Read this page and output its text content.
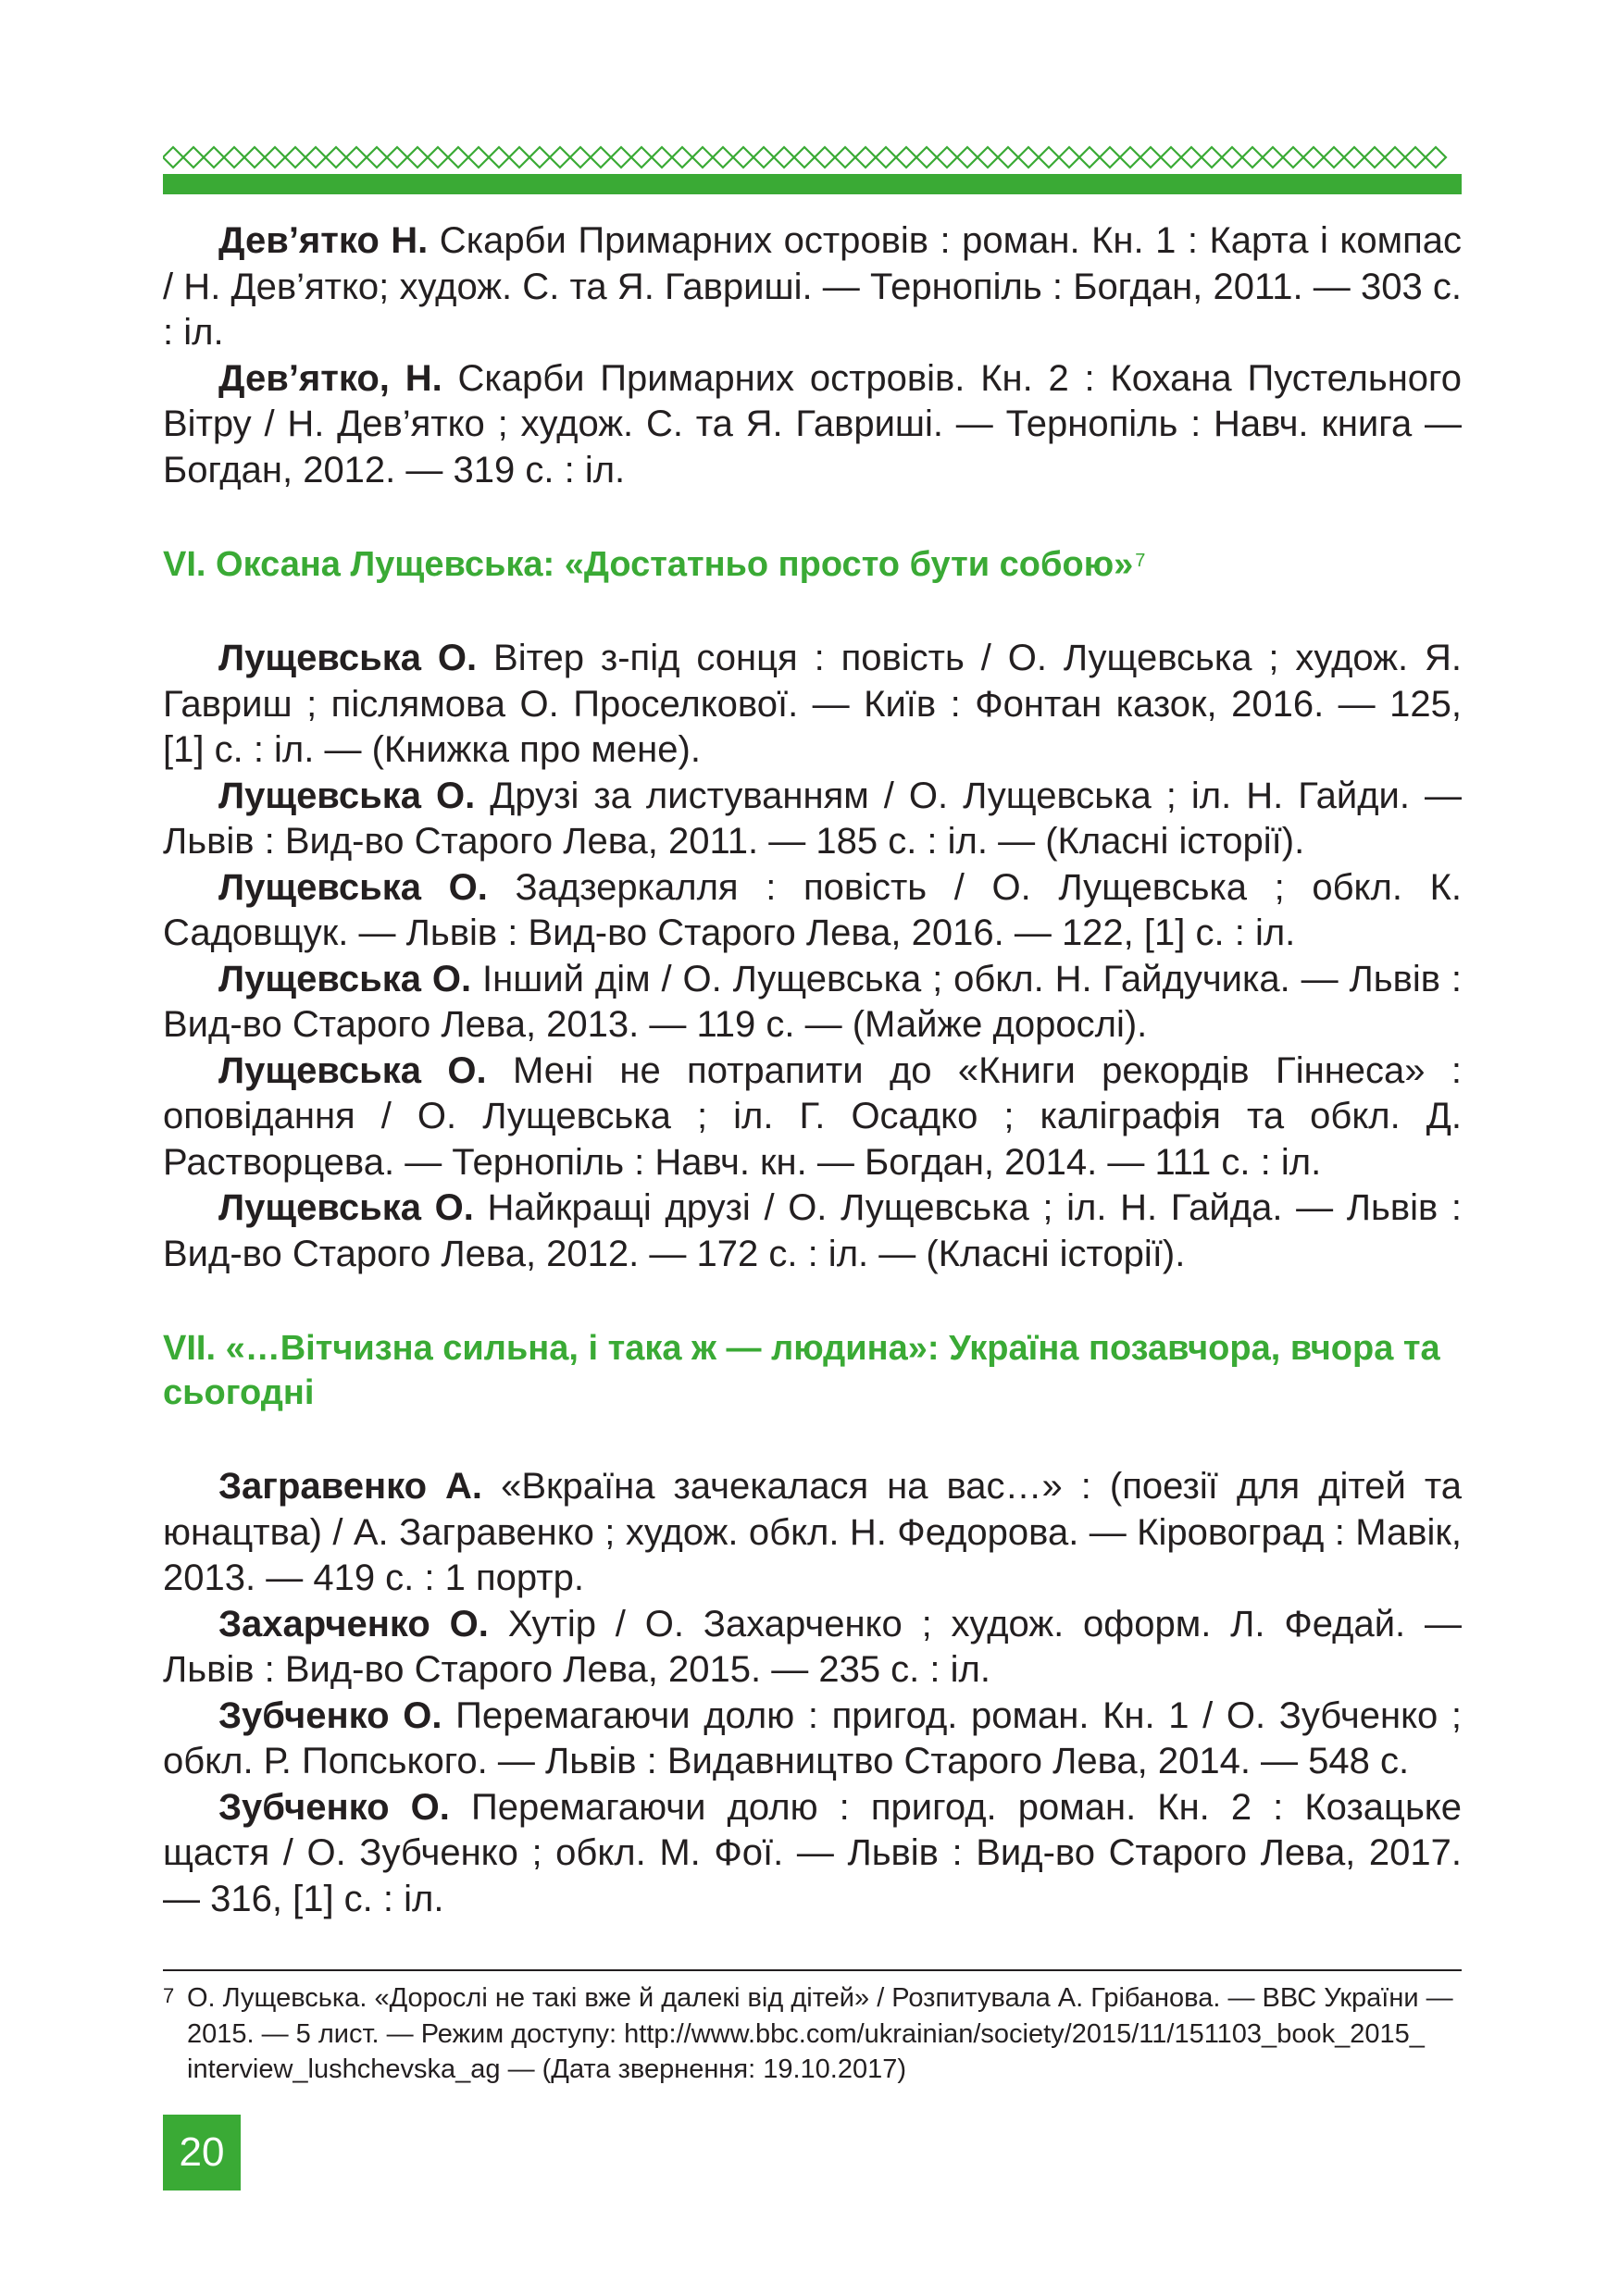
Дев’ятко Н. Скарби Примарних островів : роман. Кн. 1 : Карта і компас / Н. Дев’ятко; худож. С. та Я. Гавриші. — Тернопіль : Богдан, 2011. — 303 с. : іл.

Дев’ятко, Н. Скарби Примарних островів. Кн. 2 : Кохана Пустельного Вітру / Н. Дев’ятко ; худож. С. та Я. Гавриші. — Тернопіль : Навч. книга — Богдан, 2012. — 319 с. : іл.

VI. Оксана Лущевська: «Достатньо просто бути собою» $^7$

Лущевська О. Вітер з-під сонця : повість / О. Лущевська ; худож. Я. Гавриш ; післямова О. Проселкової. — Київ : Фонтан казок, 2016. — 125, [1] с. : іл. — (Книжка про мене).

Лущевська О. Друзі за листуванням / О. Лущевська ; іл. Н. Гайди. —Львів : Вид-во Старого Лева, 2011. — 185 с. : іл. — (Класні історії).

Лущевська О. Задзеркалля : повість / О. Лущевська ; обкл. К. Садовщук. — Львів : Вид-во Старого Лева, 2016. — 122, [1] с. : іл.

Лущевська О. Інший дім / О. Лущевська ; обкл. Н. Гайдучика. — Львів : Вид-во Старого Лева, 2013. — 119 с. — (Майже дорослі).

Лущевська О. Мені не потрапити до «Книги рекордів Гіннеса» : оповідання / О. Лущевська ; іл. Г. Осадко ; каліграфія та обкл. Д. Растворцева. — Тернопіль : Навч. кн. — Богдан, 2014. — 111 с. : іл.

Лущевська О. Найкращі друзі / О. Лущевська ; іл. Н. Гайда. — Львів : Вид-во Старого Лева, 2012. — 172 с. : іл. — (Класні історії).

VII. «…Вітчизна сильна, і така ж — людина»: Україна позавчора, вчора та сьогодні

Загравенко А. «Вкраїна зачекалася на вас…» : (поезії для дітей та юнацтва) / А. Загравенко ; худож. обкл. Н. Федорова. — Кіровоград : Мавік, 2013. — 419 с. : 1 портр.

Захарченко О. Хутір / О. Захарченко ; худож. оформ. Л. Федай. — Львів : Вид-во Старого Лева, 2015. — 235 с. : іл.

Зубченко О. Перемагаючи долю : пригод. роман. Кн. 1 / О. Зубченко ; обкл. Р. Попського. — Львів : Видавництво Старого Лева, 2014. — 548 с.

Зубченко О. Перемагаючи долю : пригод. роман. Кн. 2 : Козацьке щастя / О. Зубченко ; обкл. М. Фої. — Львів : Вид-во Старого Лева, 2017. — 316, [1] с. : іл.

7 О. Лущевська. «Дорослі не такі вже й далекі від дітей» / Розпитувала А. Грібанова. — ВВС України —
2015. — 5 лист. — Режим доступу: http://www.bbc.com/ukrainian/society/2015/11/151103_book_2015_
interview_lushchevska_ag — (Дата звернення: 19.10.2017)
20
